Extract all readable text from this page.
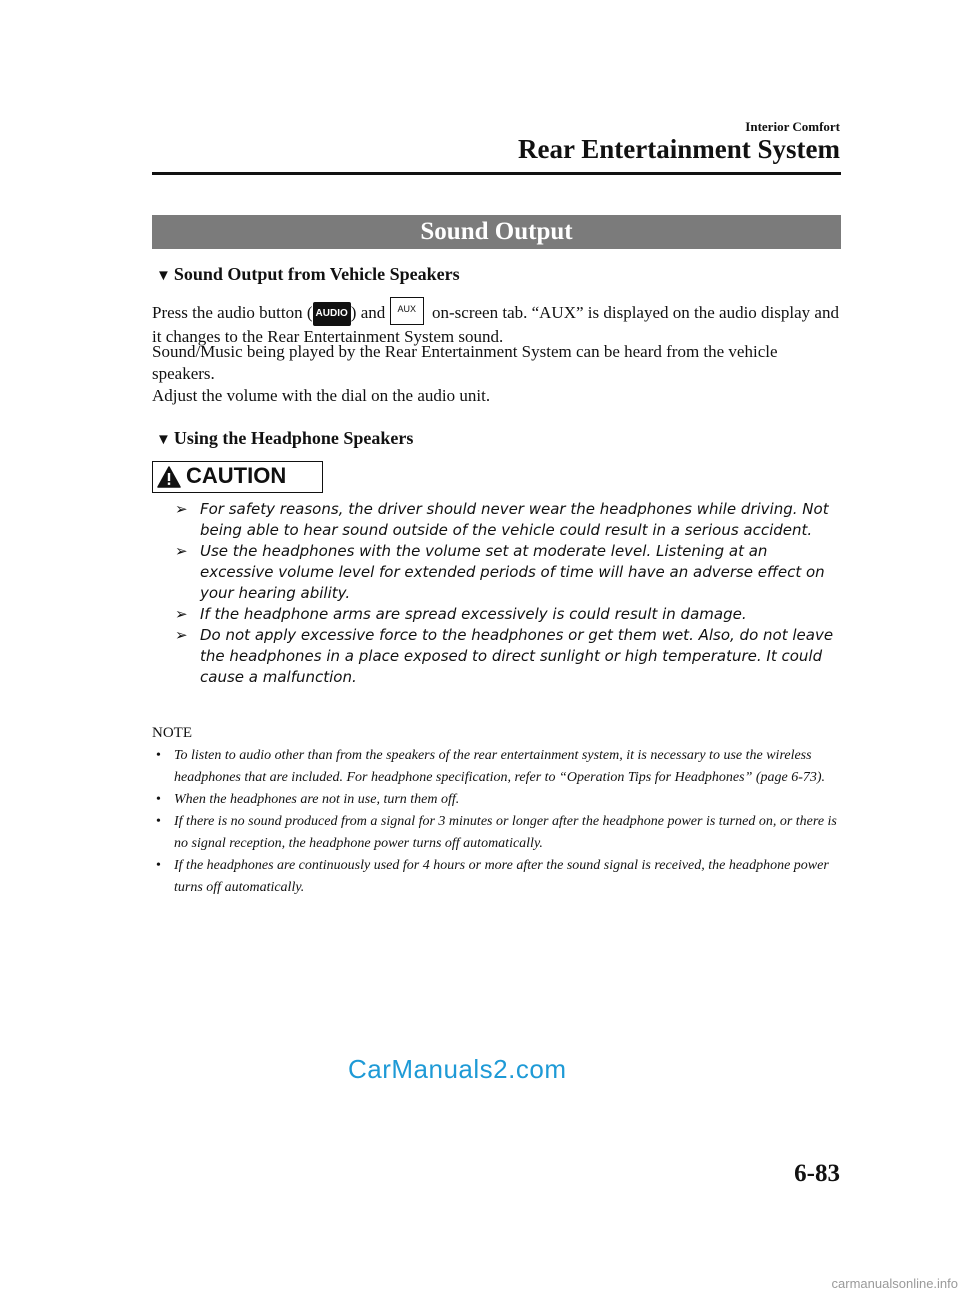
Interior Comfort
Rear Entertainment System
Sound Output
▼ Sound Output from Vehicle Speakers
Press the audio button ( AUDIO ) and AUX on-screen tab. “AUX” is displayed on the audio display and it changes to the Rear Entertainment System sound.
Sound/Music being played by the Rear Entertainment System can be heard from the vehicle speakers.
Adjust the volume with the dial on the audio unit.
▼ Using the Headphone Speakers
CAUTION
➢ For safety reasons, the driver should never wear the headphones while driving. Not being able to hear sound outside of the vehicle could result in a serious accident.
➢ Use the headphones with the volume set at moderate level. Listening at an excessive volume level for extended periods of time will have an adverse effect on your hearing ability.
➢ If the headphone arms are spread excessively is could result in damage.
➢ Do not apply excessive force to the headphones or get them wet. Also, do not leave the headphones in a place exposed to direct sunlight or high temperature. It could cause a malfunction.
NOTE
• To listen to audio other than from the speakers of the rear entertainment system, it is necessary to use the wireless headphones that are included. For headphone specification, refer to “Operation Tips for Headphones” (page 6-73).
• When the headphones are not in use, turn them off.
• If there is no sound produced from a signal for 3 minutes or longer after the headphone power is turned on, or there is no signal reception, the headphone power turns off automatically.
• If the headphones are continuously used for 4 hours or more after the sound signal is received, the headphone power turns off automatically.
CarManuals2.com
6-83
carmanualsonline.info
